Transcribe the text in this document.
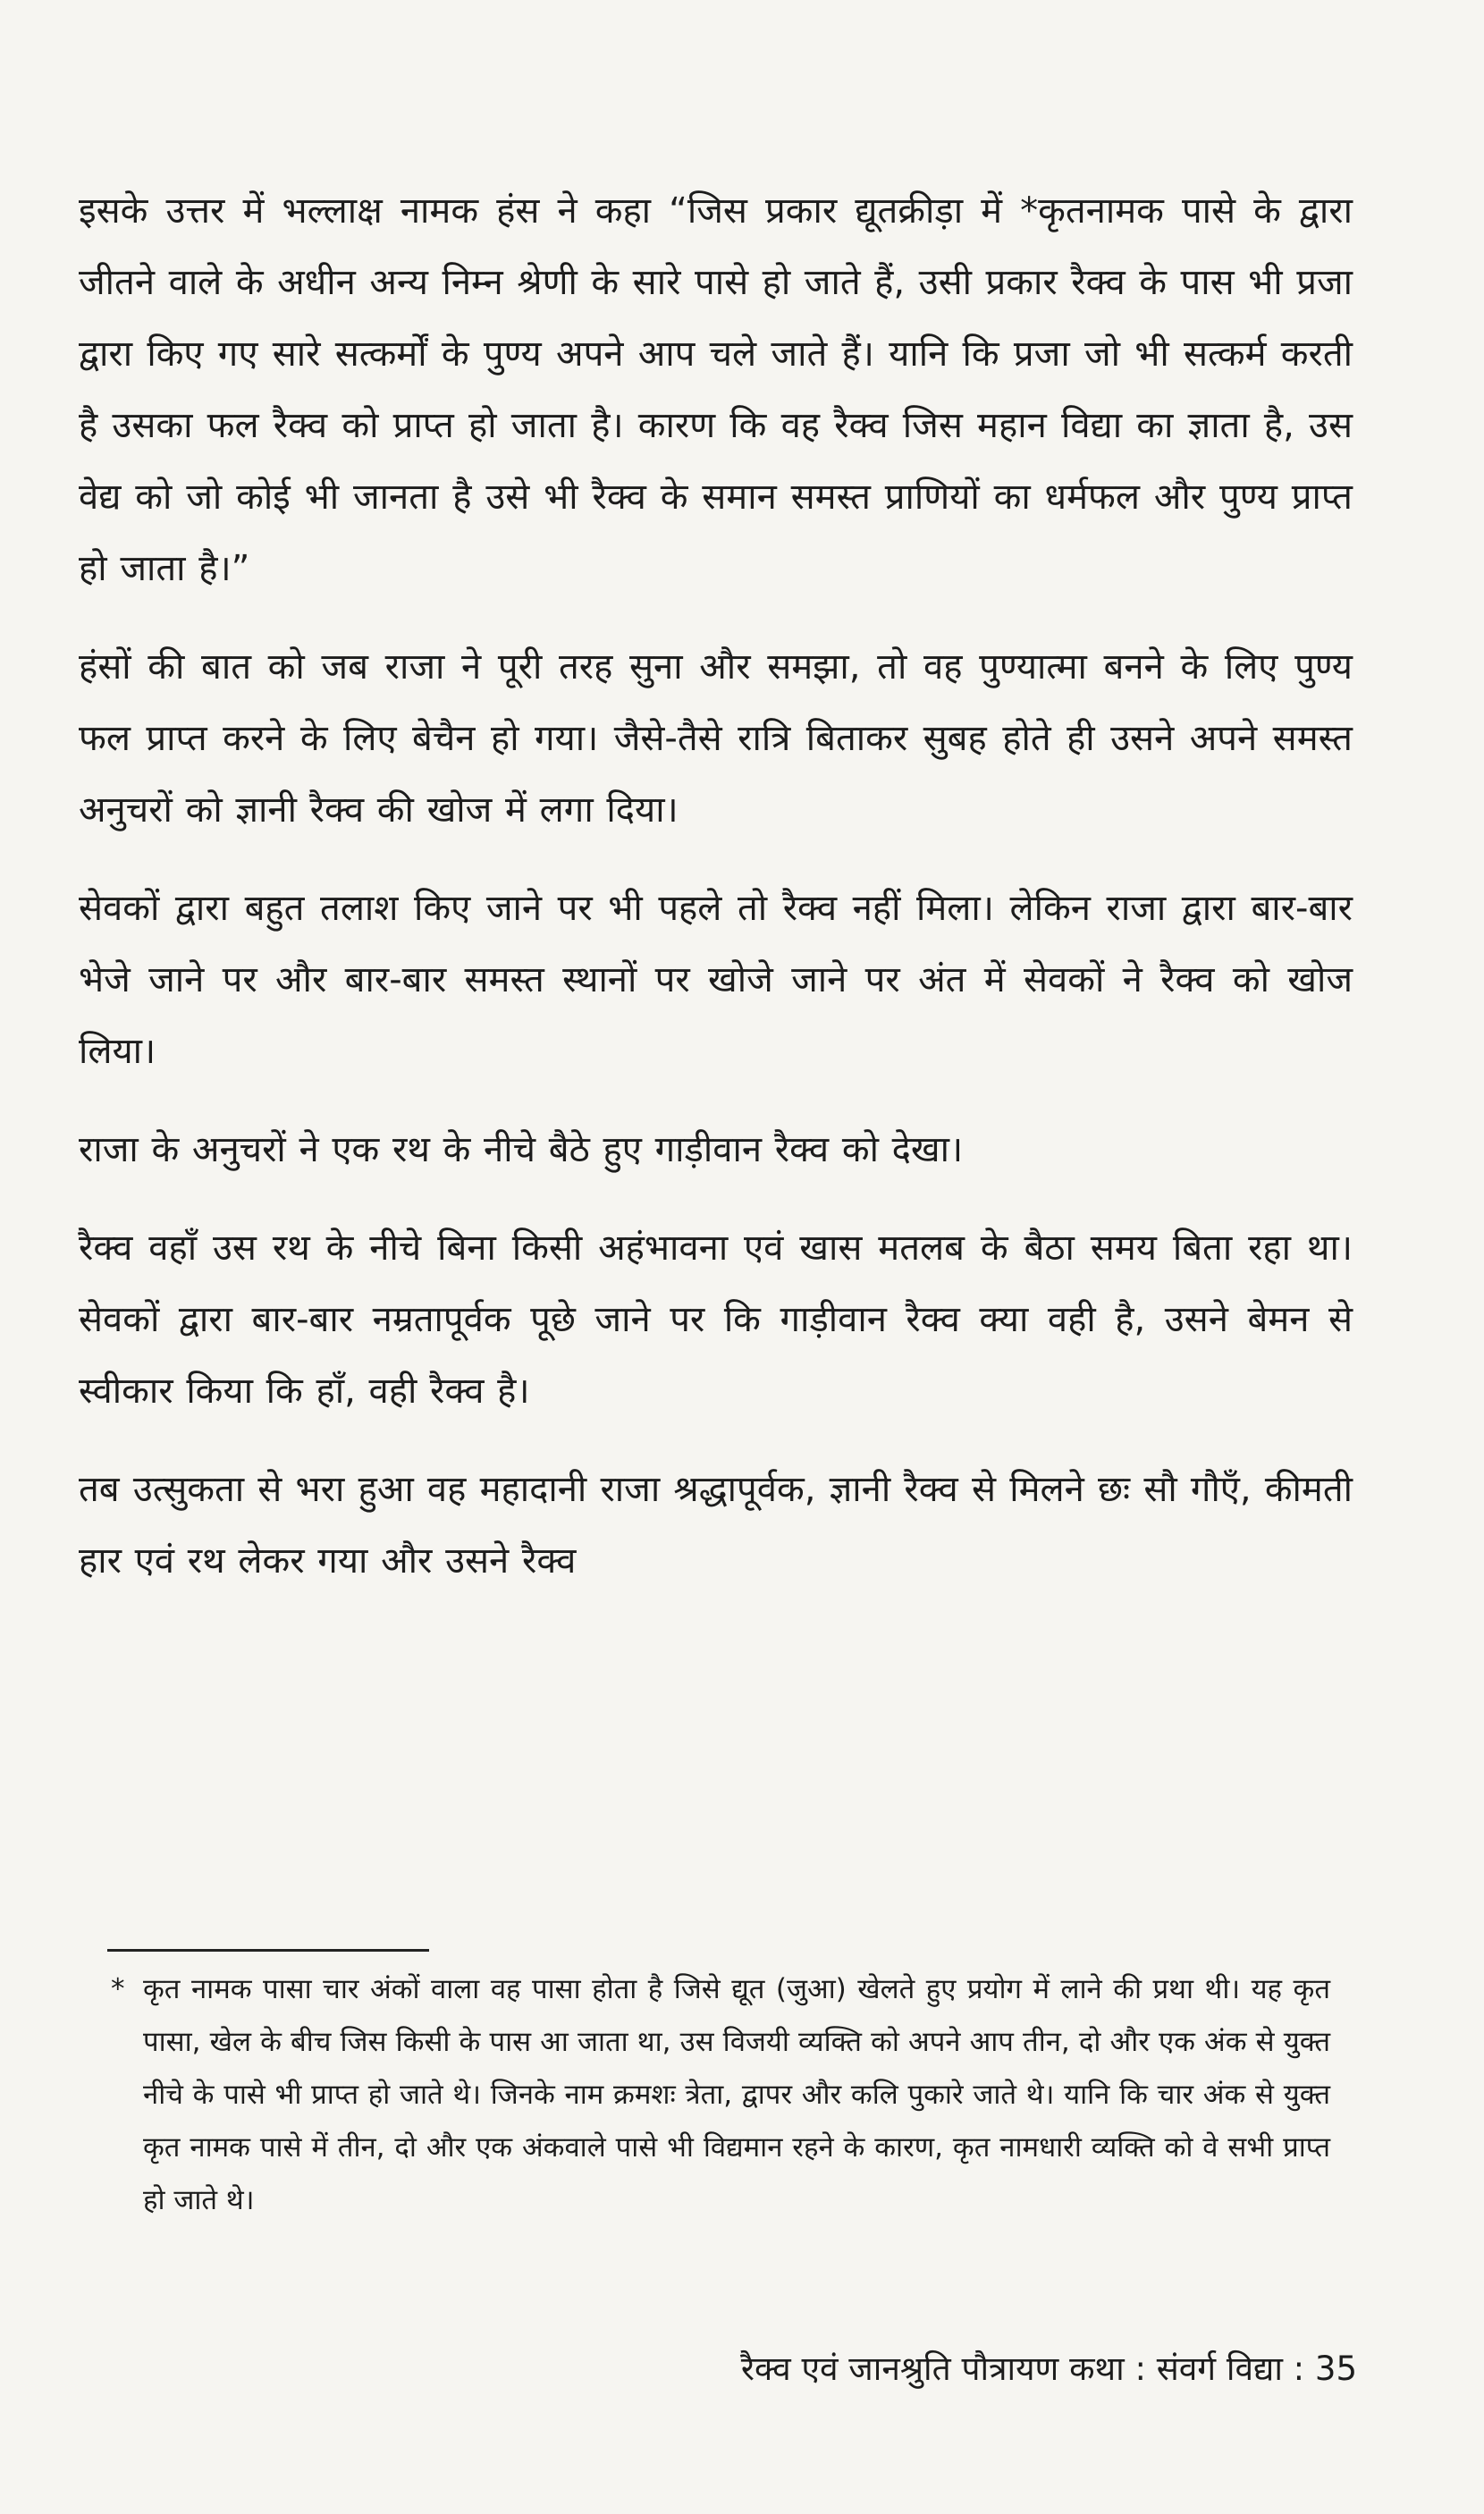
इसके उत्तर में भल्लाक्ष नामक हंस ने कहा “जिस प्रकार द्यूतक्रीड़ा में *कृतनामक पासे के द्वारा जीतने वाले के अधीन अन्य निम्न श्रेणी के सारे पासे हो जाते हैं, उसी प्रकार रैक्व के पास भी प्रजा द्वारा किए गए सारे सत्कर्मों के पुण्य अपने आप चले जाते हैं। यानि कि प्रजा जो भी सत्कर्म करती है उसका फल रैक्व को प्राप्त हो जाता है। कारण कि वह रैक्व जिस महान विद्या का ज्ञाता है, उस वेद्य को जो कोई भी जानता है उसे भी रैक्व के समान समस्त प्राणियों का धर्मफल और पुण्य प्राप्त हो जाता है।”

हंसों की बात को जब राजा ने पूरी तरह सुना और समझा, तो वह पुण्यात्मा बनने के लिए पुण्य फल प्राप्त करने के लिए बेचैन हो गया। जैसे-तैसे रात्रि बिताकर सुबह होते ही उसने अपने समस्त अनुचरों को ज्ञानी रैक्व की खोज में लगा दिया।

सेवकों द्वारा बहुत तलाश किए जाने पर भी पहले तो रैक्व नहीं मिला। लेकिन राजा द्वारा बार-बार भेजे जाने पर और बार-बार समस्त स्थानों पर खोजे जाने पर अंत में सेवकों ने रैक्व को खोज लिया।

राजा के अनुचरों ने एक रथ के नीचे बैठे हुए गाड़ीवान रैक्व को देखा।

रैक्व वहाँ उस रथ के नीचे बिना किसी अहंभावना एवं खास मतलब के बैठा समय बिता रहा था। सेवकों द्वारा बार-बार नम्रतापूर्वक पूछे जाने पर कि गाड़ीवान रैक्व क्या वही है, उसने बेमन से स्वीकार किया कि हाँ, वही रैक्व है।

तब उत्सुकता से भरा हुआ वह महादानी राजा श्रद्धापूर्वक, ज्ञानी रैक्व से मिलने छः सौ गौएँ, कीमती हार एवं रथ लेकर गया और उसने रैक्व

* कृत नामक पासा चार अंकों वाला वह पासा होता है जिसे द्यूत (जुआ) खेलते हुए प्रयोग में लाने की प्रथा थी। यह कृत पासा, खेल के बीच जिस किसी के पास आ जाता था, उस विजयी व्यक्ति को अपने आप तीन, दो और एक अंक से युक्त नीचे के पासे भी प्राप्त हो जाते थे। जिनके नाम क्रमशः त्रेता, द्वापर और कलि पुकारे जाते थे। यानि कि चार अंक से युक्त कृत नामक पासे में तीन, दो और एक अंकवाले पासे भी विद्यमान रहने के कारण, कृत नामधारी व्यक्ति को वे सभी प्राप्त हो जाते थे।
रैक्व एवं जानश्रुति पौत्रायण कथा : संवर्ग विद्या : 35
